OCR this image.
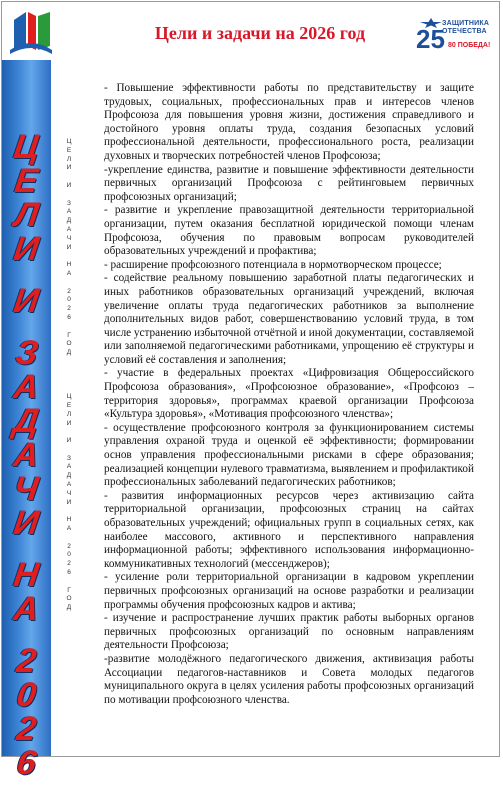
Ц
Е
Л
И
И
З
А
Д
А
Ч
И
Н
А
2
0
2
6
Цели и задачи на 2026 год	ЗАЩИТНИКА
ОТЕЧЕСТВА
25 80 ПОБЕДА!
Ц
Е
Л
И
И
З
А
Д
А
Ч
И
Н
А
2
0
2
6
Г
О
Д
Ц
Е
Л
И
И
З
А
Д
А
Ч
И
Н
А
2
0
2
6
Г
О
Д

- Повышение эффективности работы по представительству и защите трудовых, социальных, профессиональных прав и интересов членов Профсоюза для повышения уровня жизни, достижения справедливого и достойного уровня оплаты труда, создания безопасных условий профессиональной деятельности, профессионального роста, реализации духовных и творческих потребностей членов Профсоюза;

-укрепление единства, развитие и повышение эффективности деятельности первичных организаций Профсоюза с рейтинговыем первичных профсоюзных организаций;

- развитие и укрепление правозащитной деятельности территориальной организации, путем оказания бесплатной юридической помощи членам Профсоюза, обучения по правовым вопросам руководителей образовательных учреждений и профактива;

- расширение профсоюзного потенциала в нормотворческом процессе;

- содействие реальному повышению заработной платы педагогических и иных работников образовательных организаций учреждений, включая увеличение оплаты труда педагогических работников за выполнение дополнительных видов работ, совершенствованию условий труда, в том числе устранению избыточной отчётной и иной документации, составляемой или заполняемой педагогическими работниками, упрощению её структуры и условий её составления и заполнения;

- участие в федеральных проектах «Цифровизация Общероссийского Профсоюза образования», «Профсоюзное образование», «Профсоюз – территория здоровья», программах краевой организации Профсоюза «Культура здоровья», «Мотивация профсоюзного членства»;

- осуществление профсоюзного контроля за функционированием системы управления охраной труда и оценкой её эффективности; формировании основ управления профессиональными рисками в сфере образования; реализацией концепции нулевого травматизма, выявлением и профилактикой профессиональных заболеваний педагогических работников;

- развития информационных ресурсов через активизацию сайта территориальной организации, профсоюзных страниц на сайтах образовательных учреждений; официальных групп в социальных сетях, как наиболее массового, активного и перспективного направления информационной работы; эффективного использования информационно-коммуникативных технологий (мессенджеров);

- усиление роли территориальной организации в кадровом укреплении первичных профсоюзных организаций на основе разработки и реализации программы обучения профсоюзных кадров и актива;

- изучение и распространение лучших практик работы выборных органов первичных профсоюзных организаций по основным направлениям деятельности Профсоюза;

-развитие молодёжного педагогического движения, активизация работы Ассоциации педагогов-наставников и Совета молодых педагогов муниципального округа в целях усиления работы профсоюзных организаций по мотивации профсоюзного членства.
